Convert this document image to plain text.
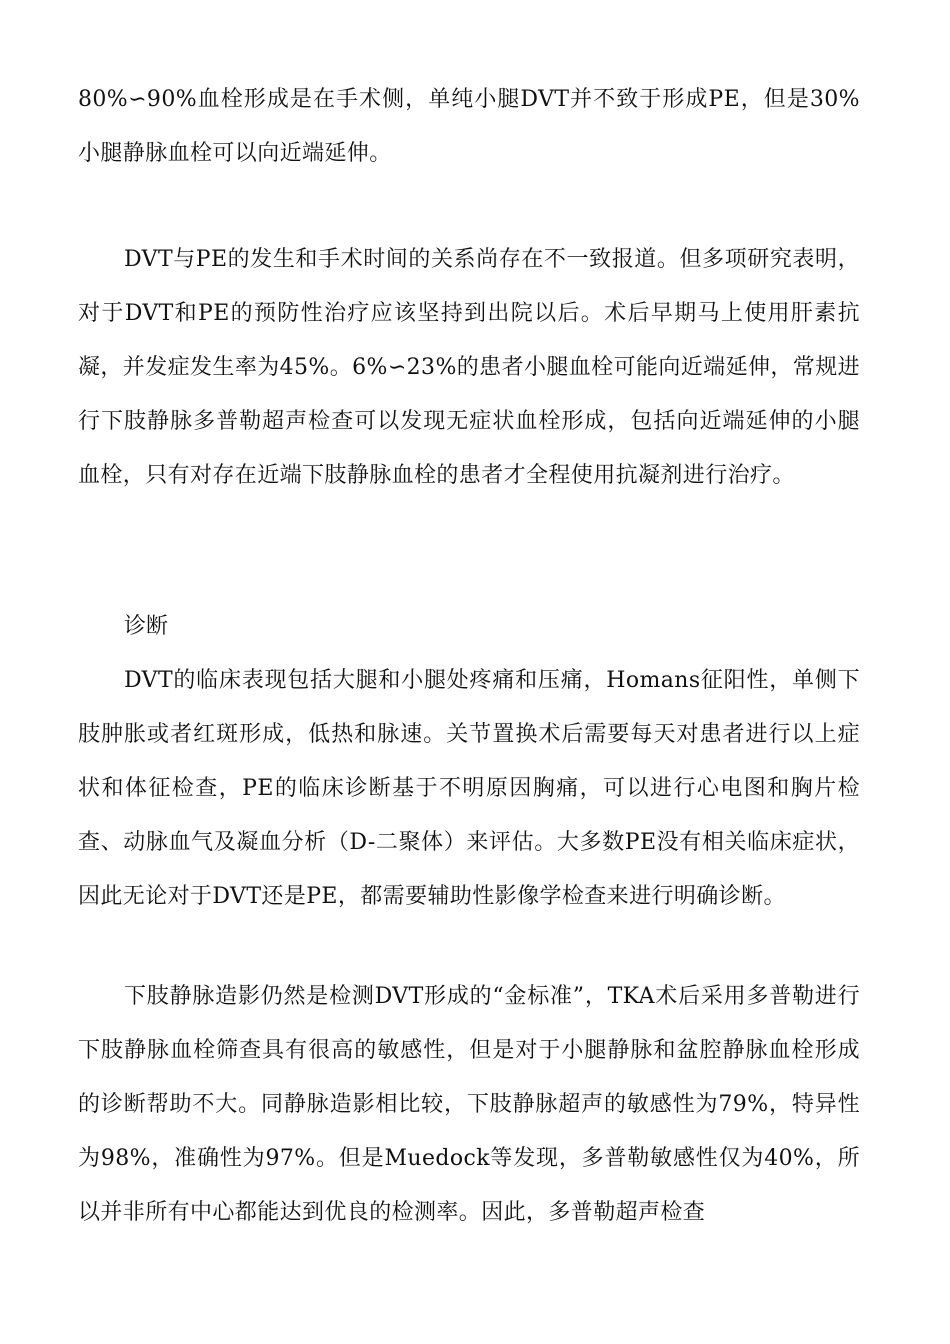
80%∽90%血栓形成是在手术侧，单纯小腿DVT并不致于形成PE，但是30%小腿静脉血栓可以向近端延伸。

DVT与PE的发生和手术时间的关系尚存在不一致报道。但多项研究表明，对于DVT和PE的预防性治疗应该坚持到出院以后。术后早期马上使用肝素抗凝，并发症发生率为45%。6%∽23%的患者小腿血栓可能向近端延伸，常规进行下肢静脉多普勒超声检查可以发现无症状血栓形成，包括向近端延伸的小腿血栓，只有对存在近端下肢静脉血栓的患者才全程使用抗凝剂进行治疗。

诊断

DVT的临床表现包括大腿和小腿处疼痛和压痛，Homans征阳性，单侧下肢肿胀或者红斑形成，低热和脉速。关节置换术后需要每天对患者进行以上症状和体征检查，PE的临床诊断基于不明原因胸痛，可以进行心电图和胸片检查、动脉血气及凝血分析（D-二聚体）来评估。大多数PE没有相关临床症状，因此无论对于DVT还是PE，都需要辅助性影像学检查来进行明确诊断。

下肢静脉造影仍然是检测DVT形成的“金标准”，TKA术后采用多普勒进行下肢静脉血栓筛查具有很高的敏感性，但是对于小腿静脉和盆腔静脉血栓形成的诊断帮助不大。同静脉造影相比较，下肢静脉超声的敏感性为79%，特异性为98%，准确性为97%。但是Muedock等发现，多普勒敏感性仅为40%，所以并非所有中心都能达到优良的检测率。因此，多普勒超声检查
